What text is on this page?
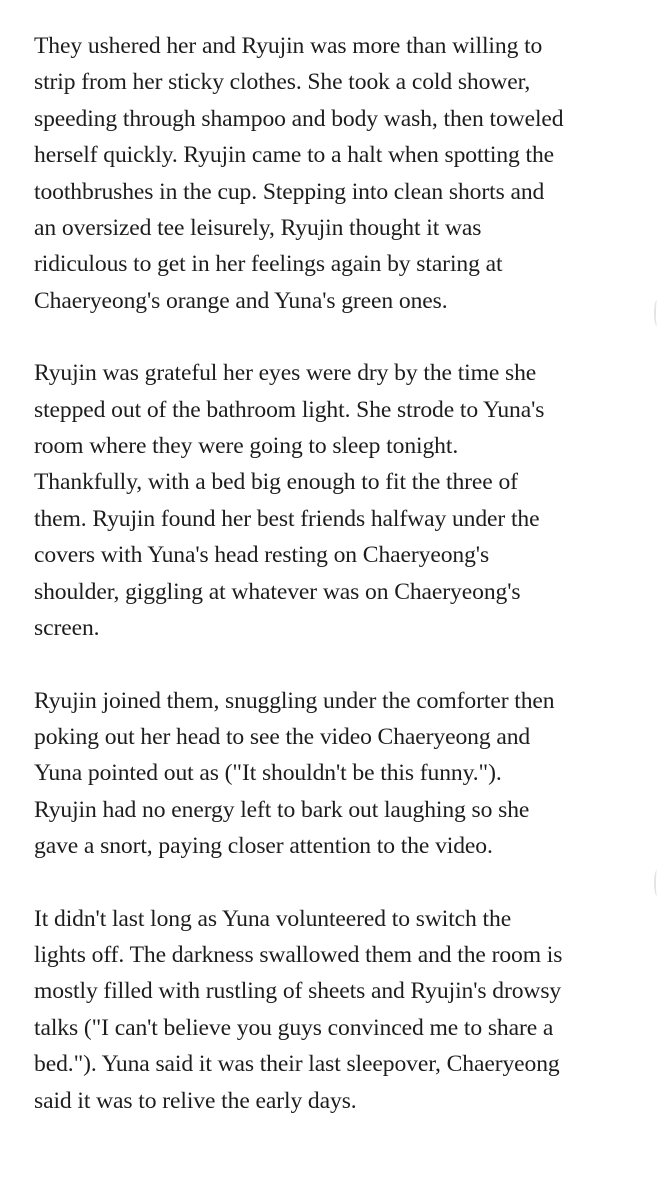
They ushered her and Ryujin was more than willing to
strip from her sticky clothes. She took a cold shower,
speeding through shampoo and body wash, then toweled
herself quickly. Ryujin came to a halt when spotting the
toothbrushes in the cup. Stepping into clean shorts and
an oversized tee leisurely, Ryujin thought it was
ridiculous to get in her feelings again by staring at
Chaeryeong's orange and Yuna's green ones.

Ryujin was grateful her eyes were dry by the time she
stepped out of the bathroom light. She strode to Yuna's
room where they were going to sleep tonight.
Thankfully, with a bed big enough to fit the three of
them. Ryujin found her best friends halfway under the
covers with Yuna's head resting on Chaeryeong's
shoulder, giggling at whatever was on Chaeryeong's
screen.

Ryujin joined them, snuggling under the comforter then
poking out her head to see the video Chaeryeong and
Yuna pointed out as ("It shouldn't be this funny.").
Ryujin had no energy left to bark out laughing so she
gave a snort, paying closer attention to the video.

It didn't last long as Yuna volunteered to switch the
lights off. The darkness swallowed them and the room is
mostly filled with rustling of sheets and Ryujin's drowsy
talks ("I can't believe you guys convinced me to share a
bed."). Yuna said it was their last sleepover, Chaeryeong
said it was to relive the early days.
